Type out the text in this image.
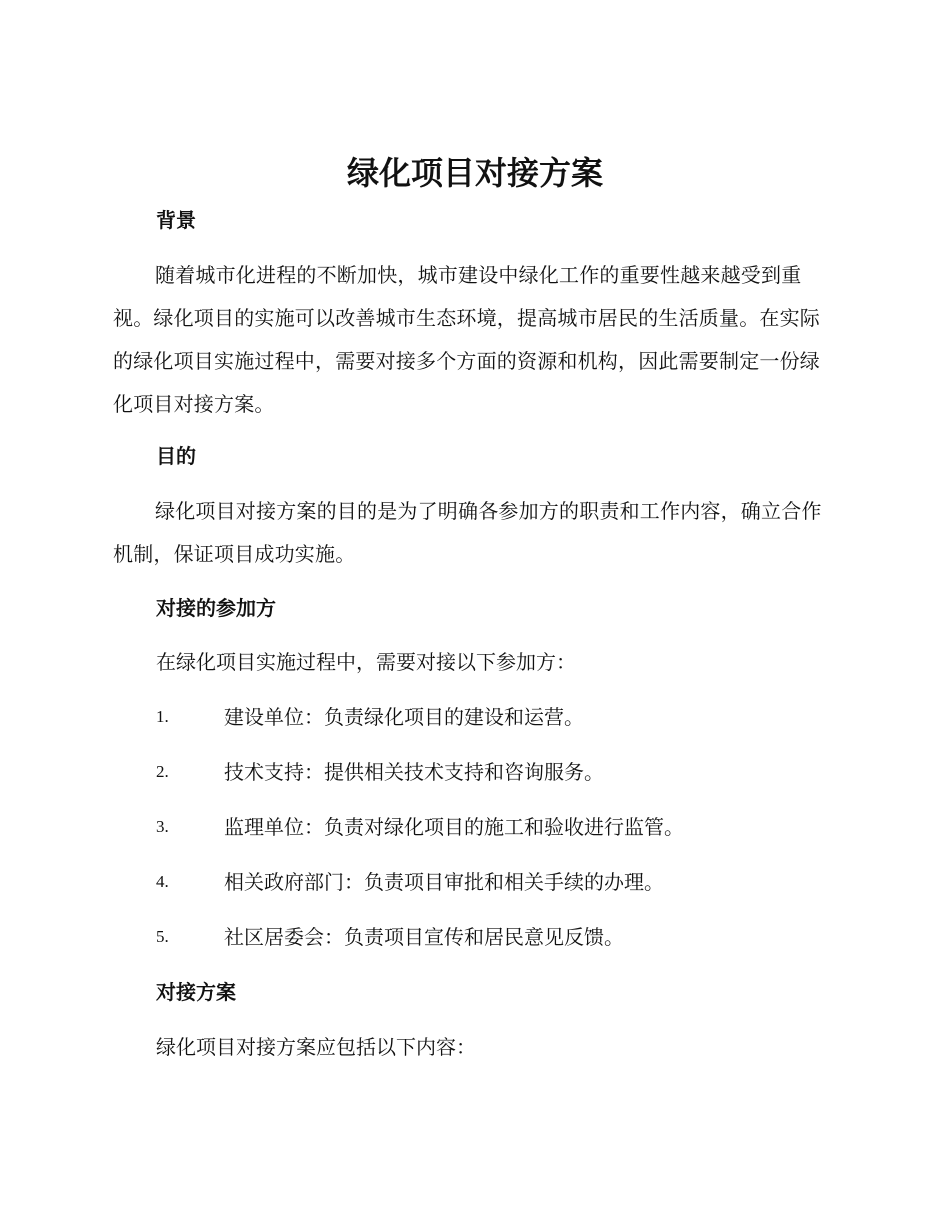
绿化项目对接方案
背景

随着城市化进程的不断加快，城市建设中绿化工作的重要性越来越受到重视。绿化项目的实施可以改善城市生态环境，提高城市居民的生活质量。在实际的绿化项目实施过程中，需要对接多个方面的资源和机构，因此需要制定一份绿化项目对接方案。

目的

绿化项目对接方案的目的是为了明确各参加方的职责和工作内容，确立合作机制，保证项目成功实施。

对接的参加方

在绿化项目实施过程中，需要对接以下参加方：

1.	建设单位：负责绿化项目的建设和运营。
2.	技术支持：提供相关技术支持和咨询服务。
3.	监理单位：负责对绿化项目的施工和验收进行监管。
4.	相关政府部门：负责项目审批和相关手续的办理。
5.	社区居委会：负责项目宣传和居民意见反馈。
对接方案

绿化项目对接方案应包括以下内容：
